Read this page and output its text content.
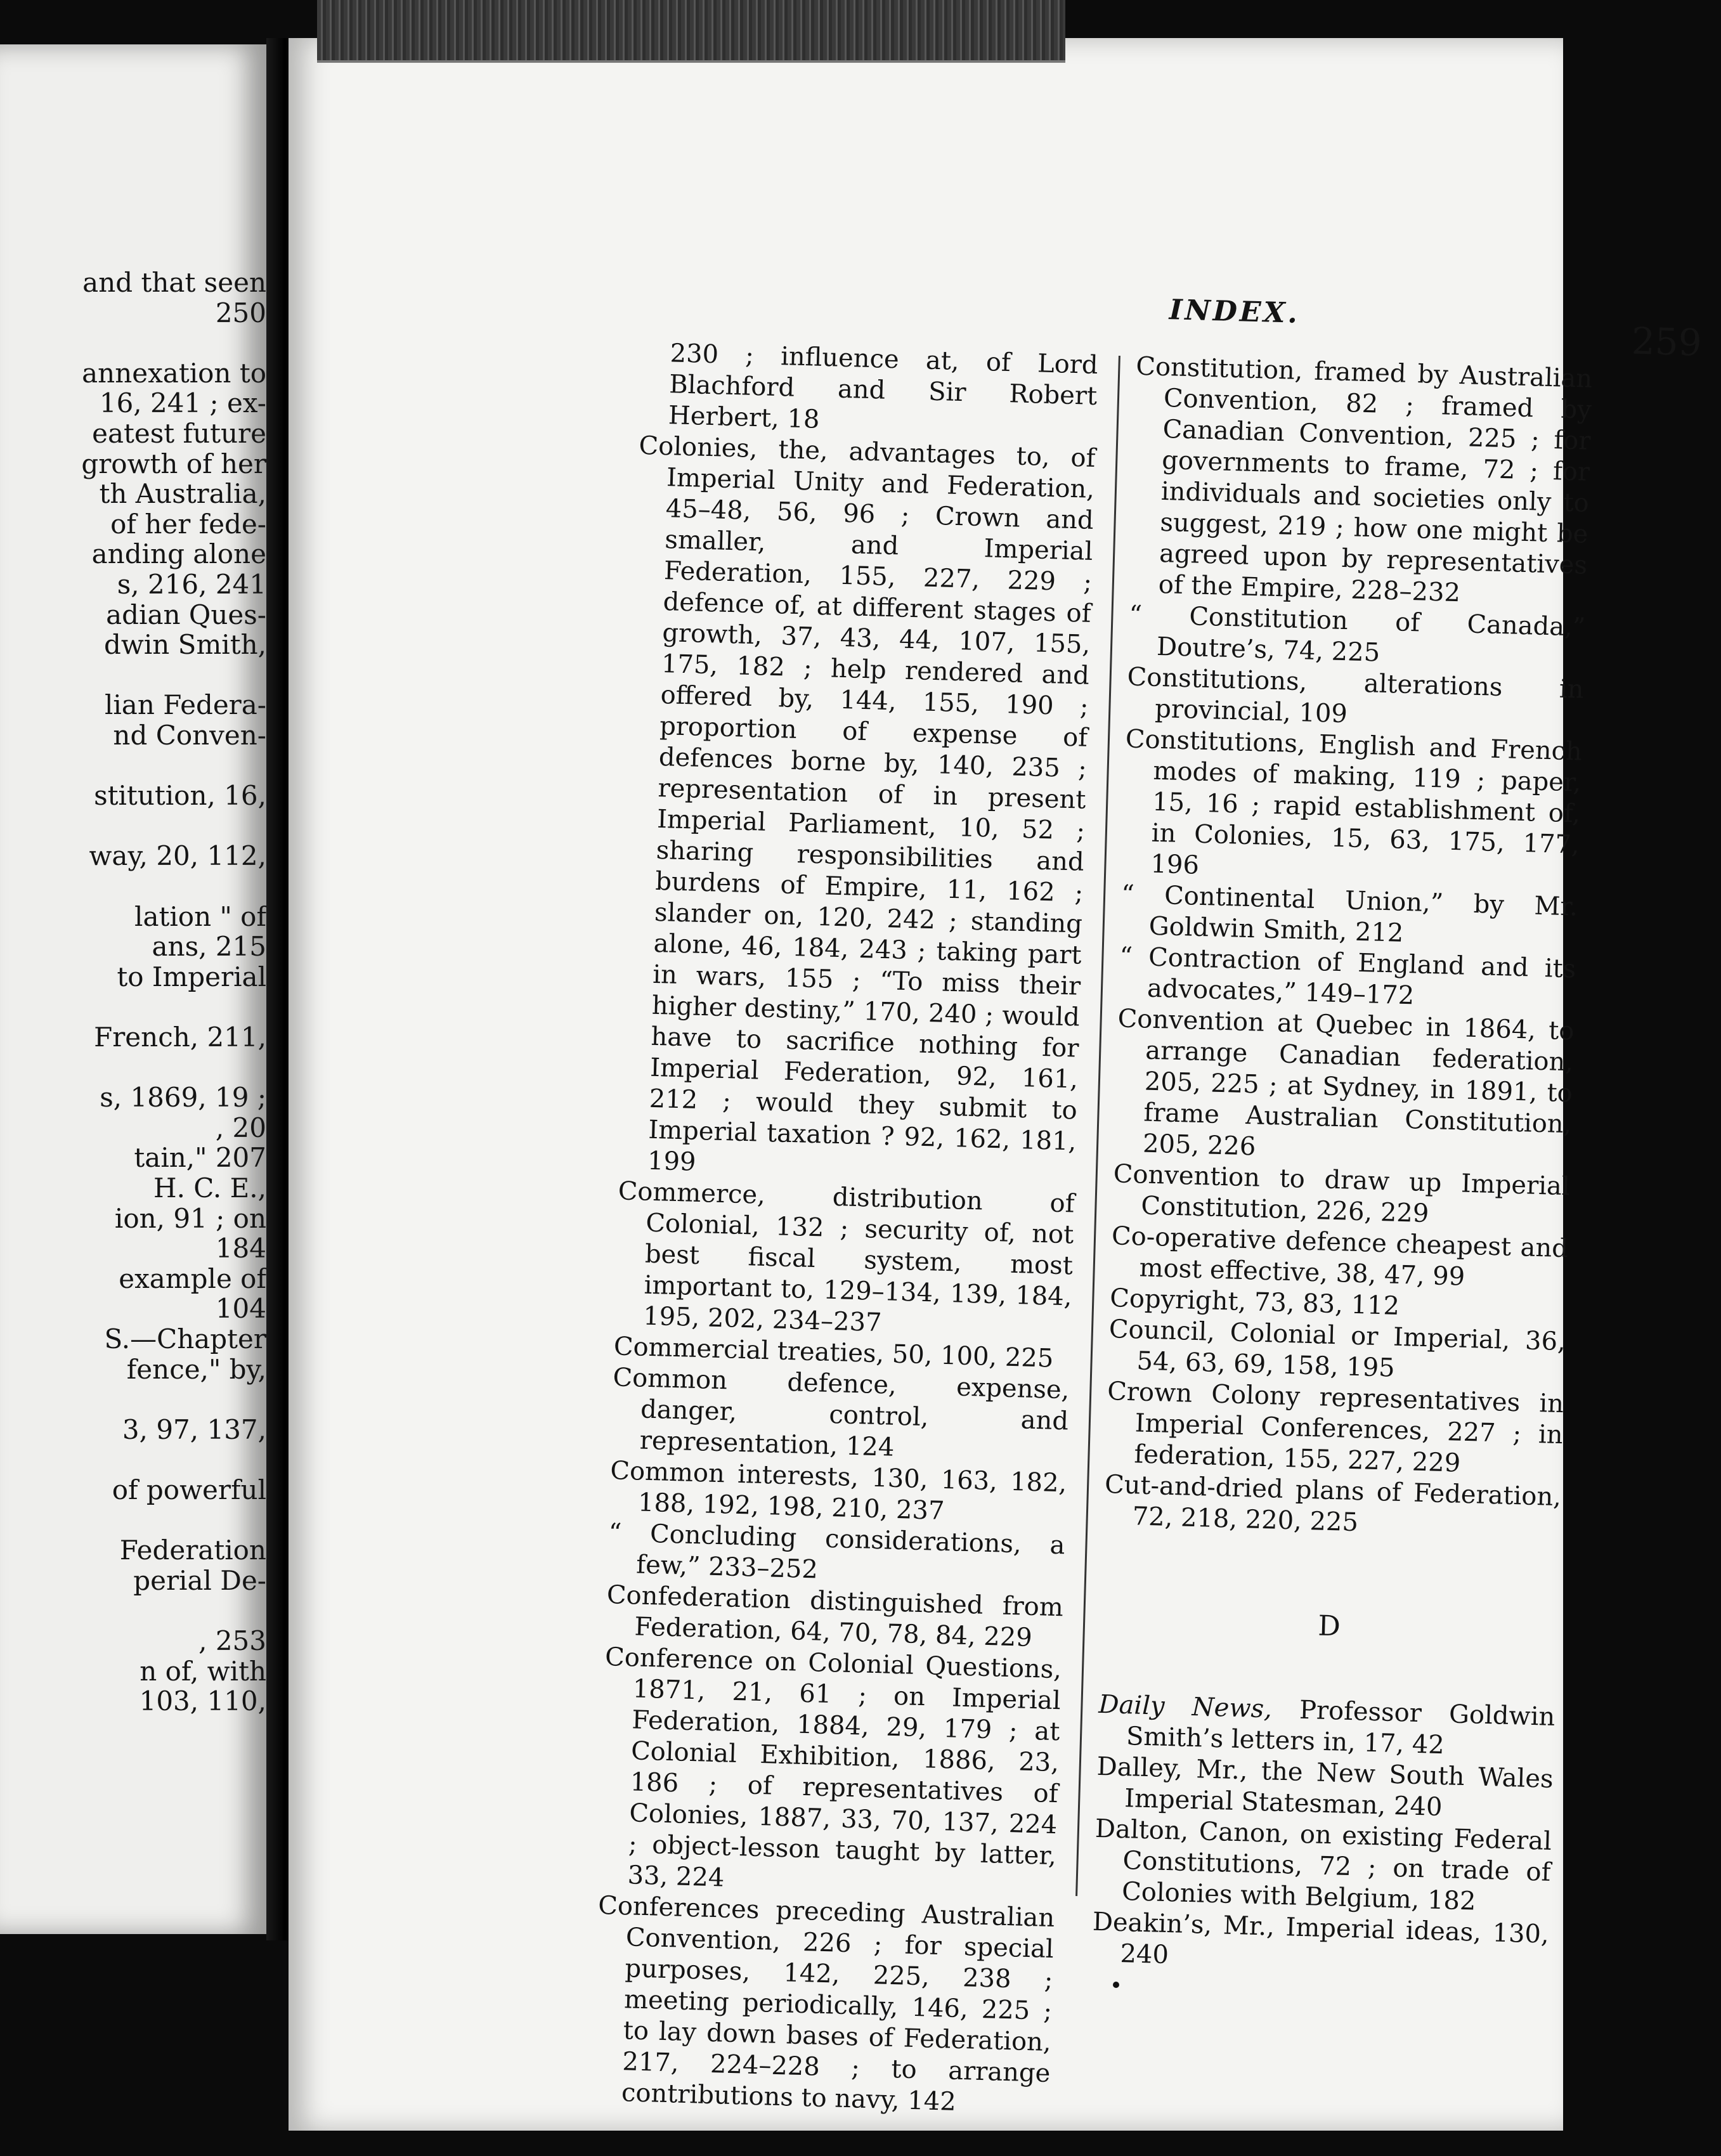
and that seen
250
annexation to
16, 241 ; ex-
eatest future
growth of her
th Australia,
of her fede-
anding alone
s, 216, 241
adian Ques-
dwin Smith,
lian Federa-
nd Conven-
stitution, 16,
way, 20, 112,
lation " of
ans, 215
to Imperial
French, 211,
s, 1869, 19 ;
, 20
tain," 207
H. C. E.,
ion, 91 ; on
184
example of
104
S.—Chapter
fence," by,
3, 97, 137,
of powerful
Federation
perial De-
, 253
n of, with
103, 110,
INDEX.
259

230 ; influence at, of Lord Blachford and Sir Robert Herbert, 18

Colonies, the, advantages to, of Imperial Unity and Federation, 45–48, 56, 96 ; Crown and smaller, and Imperial Federation, 155, 227, 229 ; defence of, at different stages of growth, 37, 43, 44, 107, 155, 175, 182 ; help rendered and offered by, 144, 155, 190 ; proportion of expense of defences borne by, 140, 235 ; representation of in present Imperial Parliament, 10, 52 ; sharing responsibilities and burdens of Empire, 11, 162 ; slander on, 120, 242 ; standing alone, 46, 184, 243 ; taking part in wars, 155 ; “To miss their higher destiny,” 170, 240 ; would have to sacrifice nothing for Imperial Federation, 92, 161, 212 ; would they submit to Imperial taxation ? 92, 162, 181, 199

Commerce, distribution of Colonial, 132 ; security of, not best fiscal system, most important to, 129–134, 139, 184, 195, 202, 234–237

Commercial treaties, 50, 100, 225

Common defence, expense, danger, control, and representation, 124

Common interests, 130, 163, 182, 188, 192, 198, 210, 237

“ Concluding considerations, a few,” 233–252

Confederation distinguished from Federation, 64, 70, 78, 84, 229

Conference on Colonial Questions, 1871, 21, 61 ; on Imperial Federation, 1884, 29, 179 ; at Colonial Exhibition, 1886, 23, 186 ; of representatives of Colonies, 1887, 33, 70, 137, 224 ; object-lesson taught by latter, 33, 224

Conferences preceding Australian Convention, 226 ; for special purposes, 142, 225, 238 ; meeting periodically, 146, 225 ; to lay down bases of Federation, 217, 224–228 ; to arrange contributions to navy, 142

Constitution, framed by Australian Convention, 82 ; framed by Canadian Convention, 225 ; for governments to frame, 72 ; for individuals and societies only to suggest, 219 ; how one might be agreed upon by representatives of the Empire, 228–232

“ Constitution of Canada,” Doutre’s, 74, 225

Constitutions, alterations in provincial, 109

Constitutions, English and French modes of making, 119 ; paper, 15, 16 ; rapid establishment of, in Colonies, 15, 63, 175, 177, 196

“ Continental Union,” by Mr. Goldwin Smith, 212

“ Contraction of England and its advocates,” 149–172

Convention at Quebec in 1864, to arrange Canadian federation, 205, 225 ; at Sydney, in 1891, to frame Australian Constitution, 205, 226

Convention to draw up Imperial Constitution, 226, 229

Co-operative defence cheapest and most effective, 38, 47, 99

Copyright, 73, 83, 112

Council, Colonial or Imperial, 36, 54, 63, 69, 158, 195

Crown Colony representatives in Imperial Conferences, 227 ; in federation, 155, 227, 229

Cut-and-dried plans of Federation, 72, 218, 220, 225

D

Daily News, Professor Goldwin Smith’s letters in, 17, 42

Dalley, Mr., the New South Wales Imperial Statesman, 240

Dalton, Canon, on existing Federal Constitutions, 72 ; on trade of Colonies with Belgium, 182

Deakin’s, Mr., Imperial ideas, 130, 240
